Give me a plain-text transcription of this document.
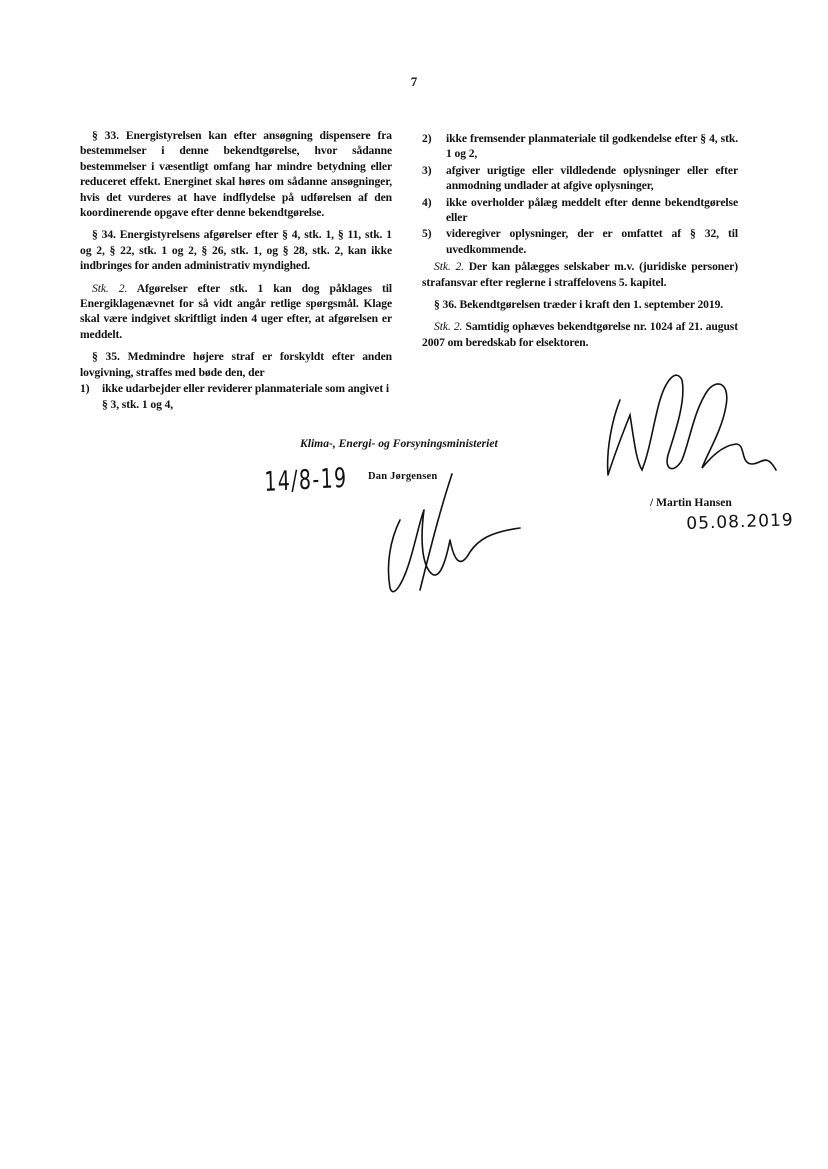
7

§ 33. Energistyrelsen kan efter ansøgning dispensere fra bestemmelser i denne bekendtgørelse, hvor sådanne bestemmelser i væsentligt omfang har mindre betydning eller reduceret effekt. Energinet skal høres om sådanne ansøgninger, hvis det vurderes at have indflydelse på udførelsen af den koordinerende opgave efter denne bekendtgørelse.

§ 34. Energistyrelsens afgørelser efter § 4, stk. 1, § 11, stk. 1 og 2, § 22, stk. 1 og 2, § 26, stk. 1, og § 28, stk. 2, kan ikke indbringes for anden administrativ myndighed.

Stk. 2. Afgørelser efter stk. 1 kan dog påklages til Energiklagenævnet for så vidt angår retlige spørgsmål. Klage skal være indgivet skriftligt inden 4 uger efter, at afgørelsen er meddelt.

§ 35. Medmindre højere straf er forskyldt efter anden lovgivning, straffes med bøde den, der

1)	ikke udarbejder eller reviderer planmateriale som angivet i § 3, stk. 1 og 4,
2)	ikke fremsender planmateriale til godkendelse efter § 4, stk. 1 og 2,
3)	afgiver urigtige eller vildledende oplysninger eller efter anmodning undlader at afgive oplysninger,
4)	ikke overholder pålæg meddelt efter denne bekendtgørelse eller
5)	videregiver oplysninger, der er omfattet af § 32, til uvedkommende.

Stk. 2. Der kan pålægges selskaber m.v. (juridiske personer) strafansvar efter reglerne i straffelovens 5. kapitel.

§ 36. Bekendtgørelsen træder i kraft den 1. september 2019.

Stk. 2. Samtidig ophæves bekendtgørelse nr. 1024 af 21. august 2007 om beredskab for elsektoren.

Klima-, Energi- og Forsyningsministeriet
Dan Jørgensen
14/8-19
/ Martin Hansen
05.08.2019
